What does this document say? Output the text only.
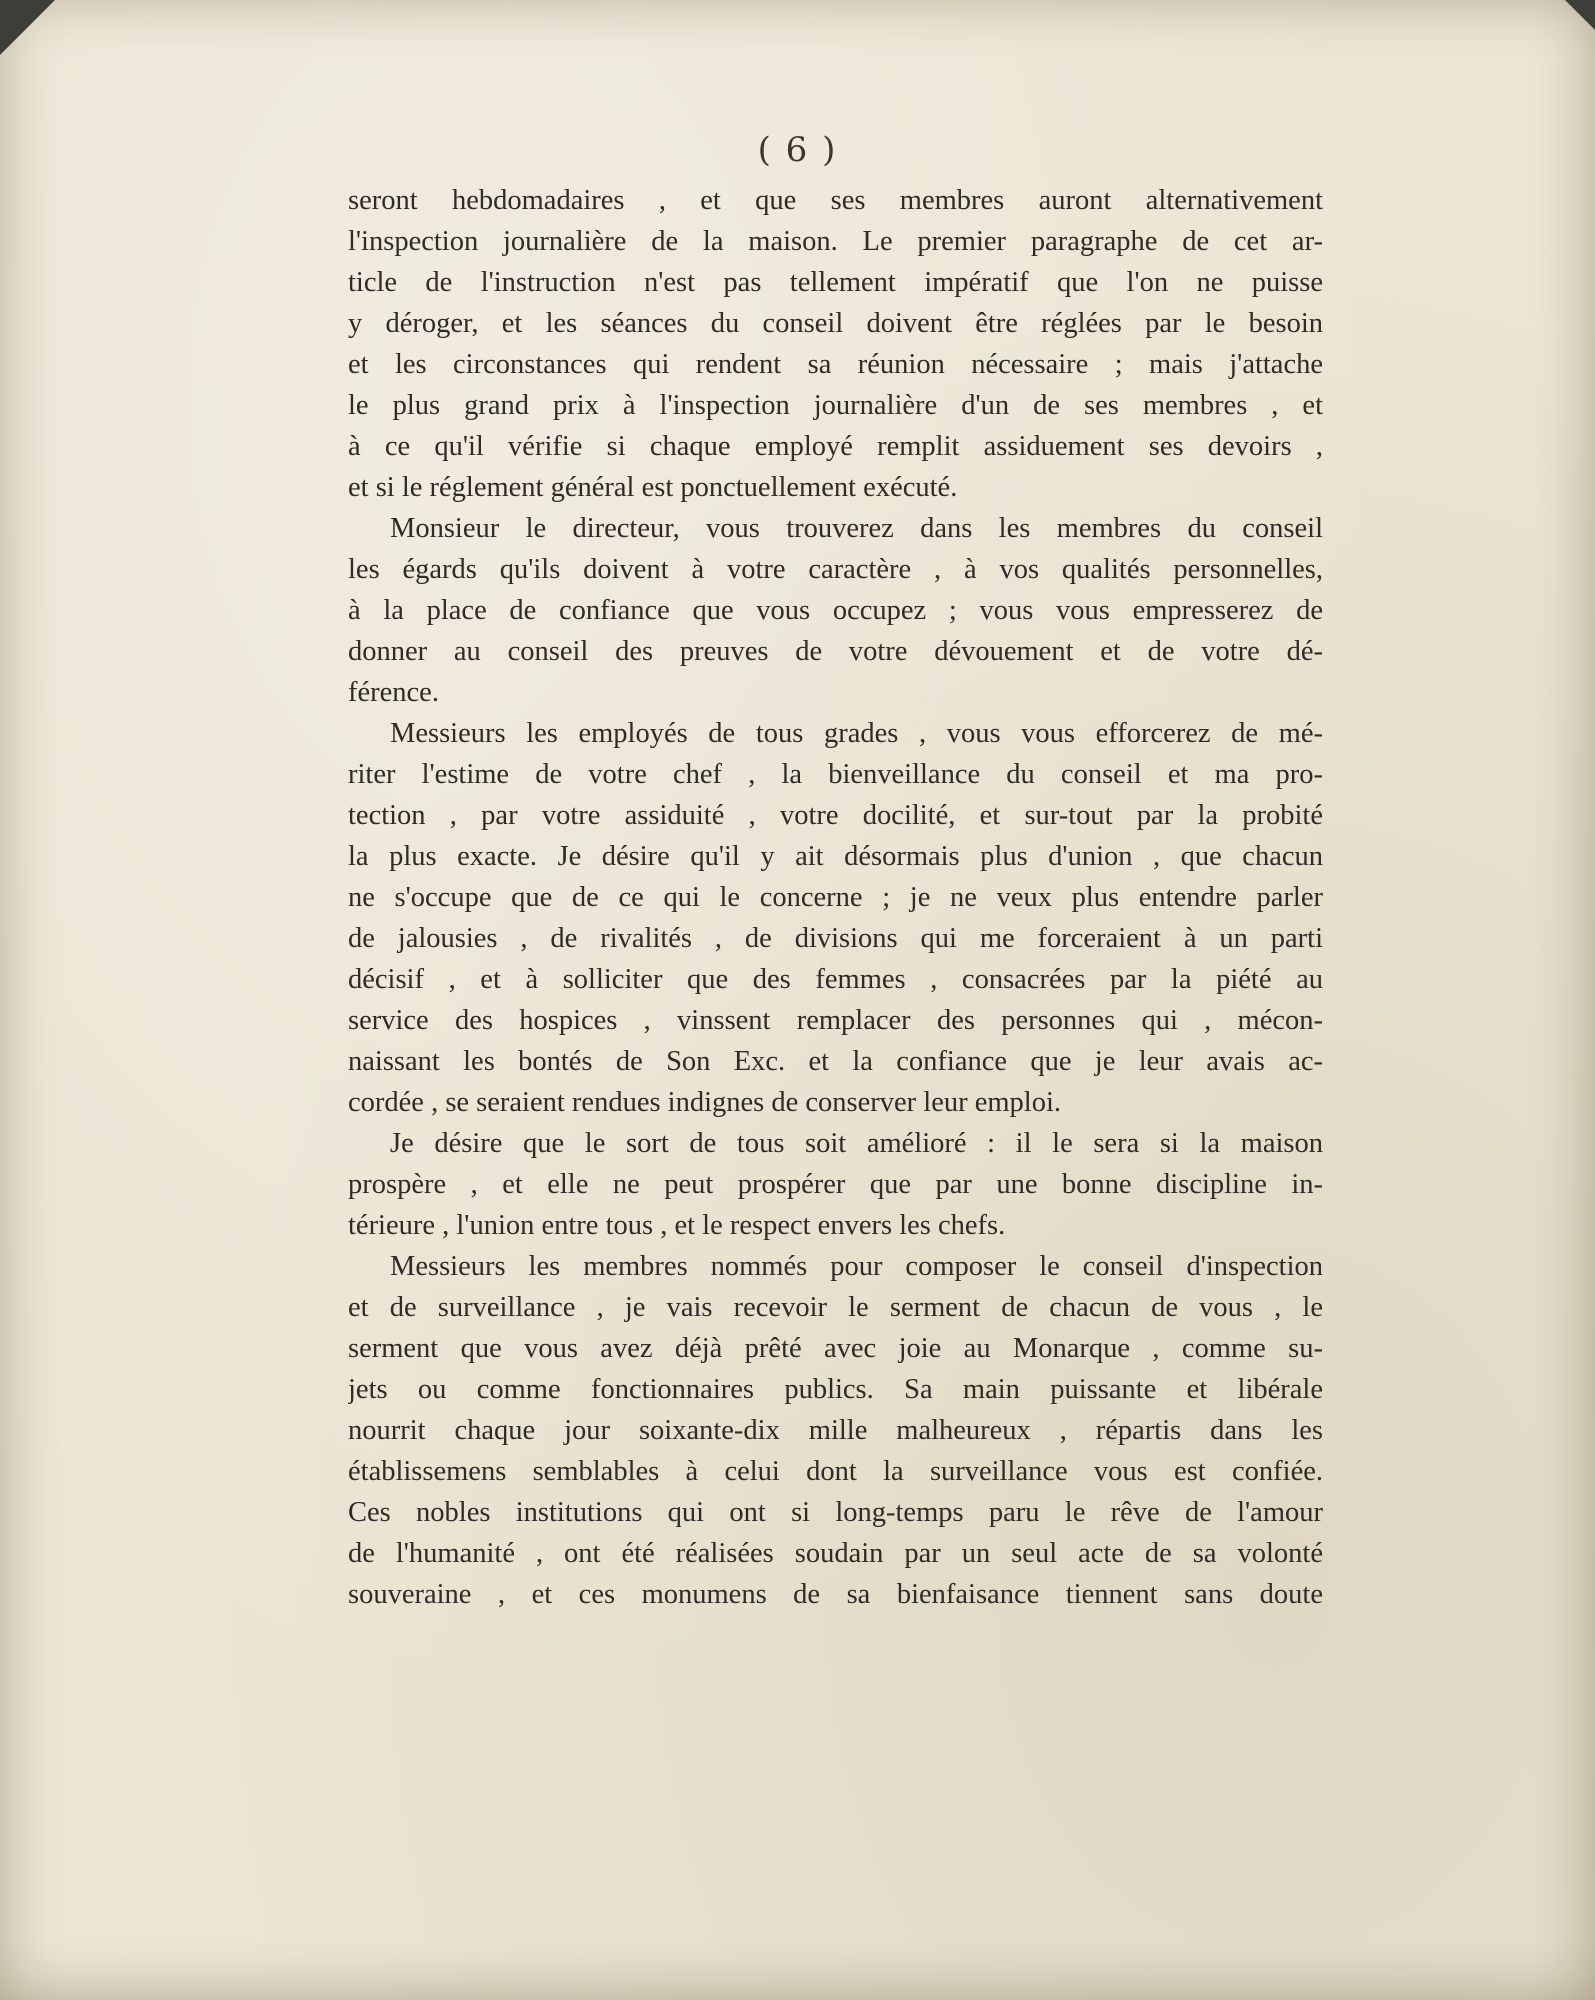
( 6 )
seront hebdomadaires , et que ses membres auront alternativement
l'inspection journalière de la maison. Le premier paragraphe de cet ar-
ticle de l'instruction n'est pas tellement impératif que l'on ne puisse
y déroger, et les séances du conseil doivent être réglées par le besoin
et les circonstances qui rendent sa réunion nécessaire ; mais j'attache
le plus grand prix à l'inspection journalière d'un de ses membres , et
à ce qu'il vérifie si chaque employé remplit assiduement ses devoirs ,
et si le réglement général est ponctuellement exécuté.
Monsieur le directeur, vous trouverez dans les membres du conseil
les égards qu'ils doivent à votre caractère , à vos qualités personnelles,
à la place de confiance que vous occupez ; vous vous empresserez de
donner au conseil des preuves de votre dévouement et de votre dé-
férence.
Messieurs les employés de tous grades , vous vous efforcerez de mé-
riter l'estime de votre chef , la bienveillance du conseil et ma pro-
tection , par votre assiduité , votre docilité, et sur-tout par la probité
la plus exacte. Je désire qu'il y ait désormais plus d'union , que chacun
ne s'occupe que de ce qui le concerne ; je ne veux plus entendre parler
de jalousies , de rivalités , de divisions qui me forceraient à un parti
décisif , et à solliciter que des femmes , consacrées par la piété au
service des hospices , vinssent remplacer des personnes qui , mécon-
naissant les bontés de Son Exc. et la confiance que je leur avais ac-
cordée , se seraient rendues indignes de conserver leur emploi.
Je désire que le sort de tous soit amélioré : il le sera si la maison
prospère , et elle ne peut prospérer que par une bonne discipline in-
térieure , l'union entre tous , et le respect envers les chefs.
Messieurs les membres nommés pour composer le conseil d'inspection
et de surveillance , je vais recevoir le serment de chacun de vous , le
serment que vous avez déjà prêté avec joie au Monarque , comme su-
jets ou comme fonctionnaires publics. Sa main puissante et libérale
nourrit chaque jour soixante-dix mille malheureux , répartis dans les
établissemens semblables à celui dont la surveillance vous est confiée.
Ces nobles institutions qui ont si long-temps paru le rêve de l'amour
de l'humanité , ont été réalisées soudain par un seul acte de sa volonté
souveraine , et ces monumens de sa bienfaisance tiennent sans doute
